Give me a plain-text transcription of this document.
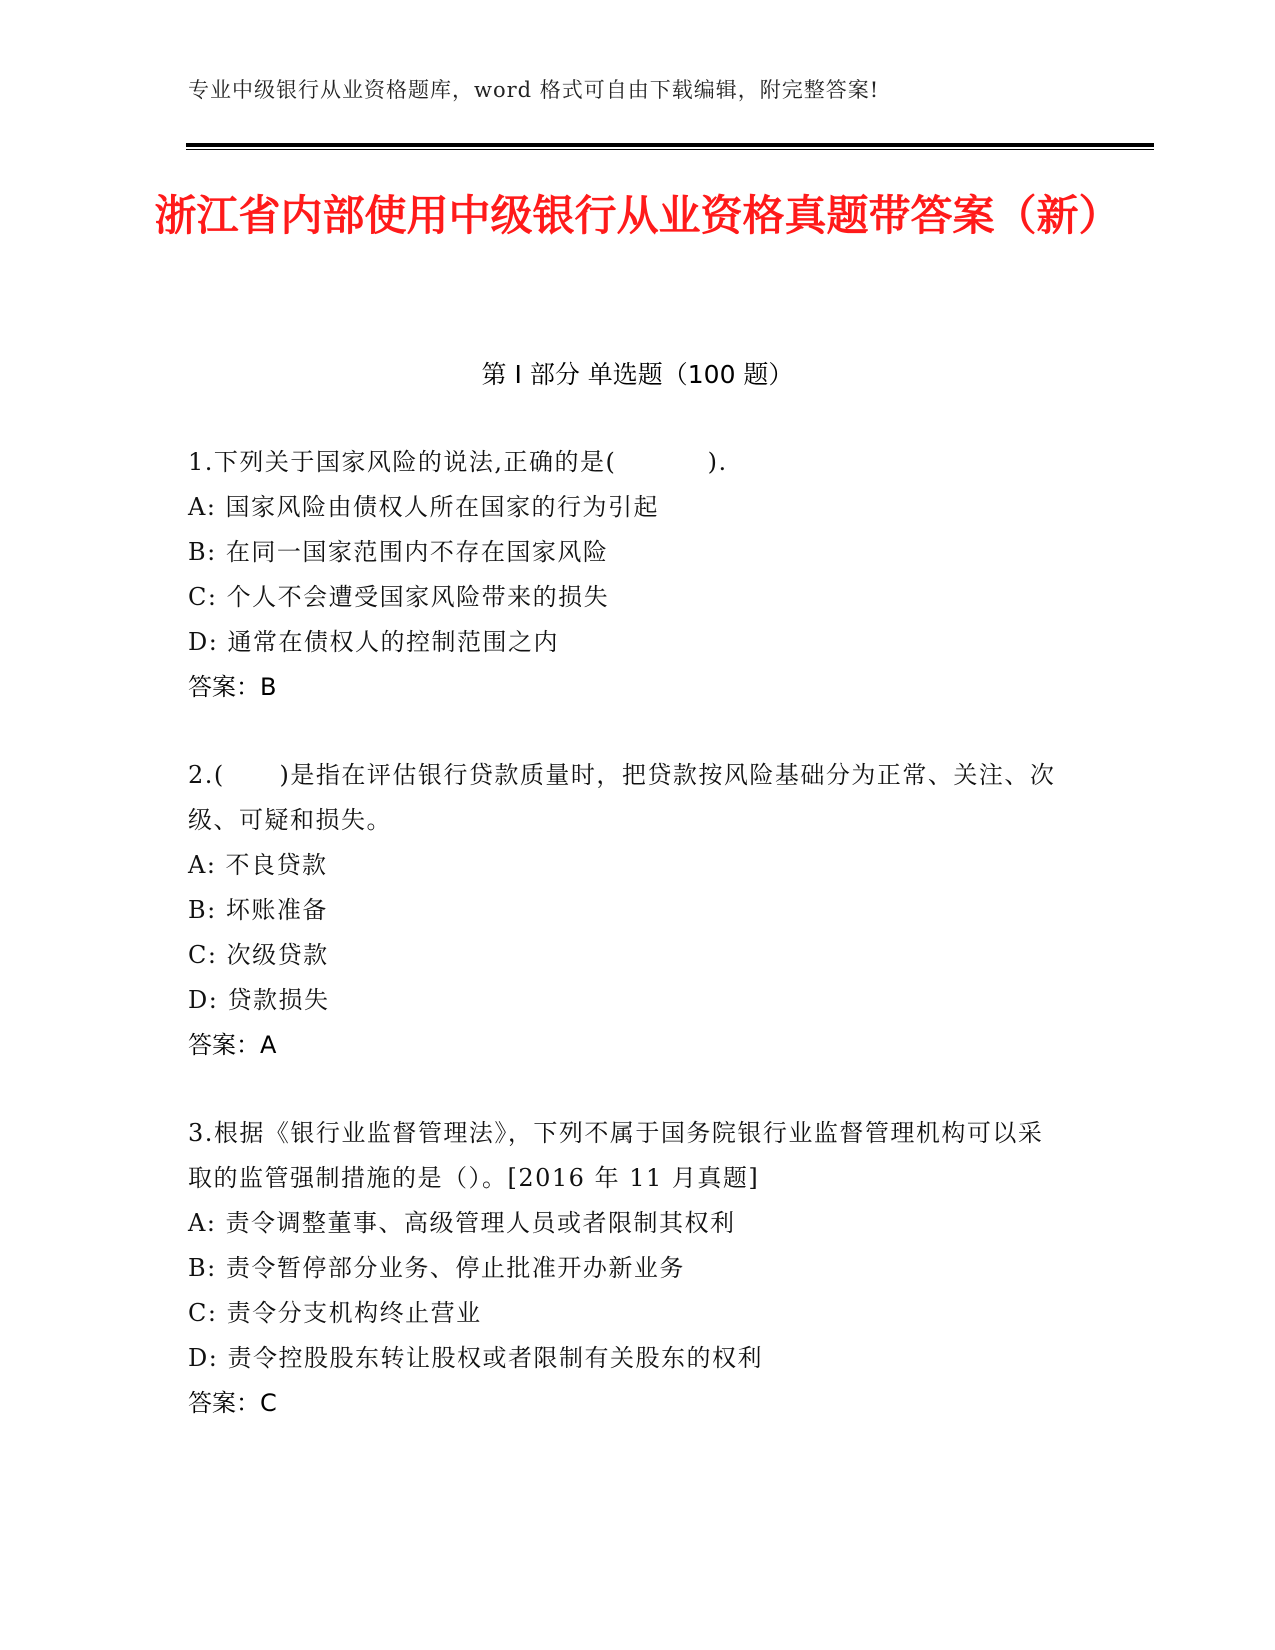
专业中级银行从业资格题库，word 格式可自由下载编辑，附完整答案!
浙江省内部使用中级银行从业资格真题带答案（新）
第 I 部分 单选题（100 题）
1.下列关于国家风险的说法,正确的是(          ).
A: 国家风险由债权人所在国家的行为引起
B: 在同一国家范围内不存在国家风险
C: 个人不会遭受国家风险带来的损失
D: 通常在债权人的控制范围之内
答案：B
2.(      )是指在评估银行贷款质量时，把贷款按风险基础分为正常、关注、次级、可疑和损失。
A: 不良贷款
B: 坏账准备
C: 次级贷款
D: 贷款损失
答案：A
3.根据《银行业监督管理法》，下列不属于国务院银行业监督管理机构可以采取的监管强制措施的是（）。[2016 年 11 月真题]
A: 责令调整董事、高级管理人员或者限制其权利
B: 责令暂停部分业务、停止批准开办新业务
C: 责令分支机构终止营业
D: 责令控股股东转让股权或者限制有关股东的权利
答案：C
